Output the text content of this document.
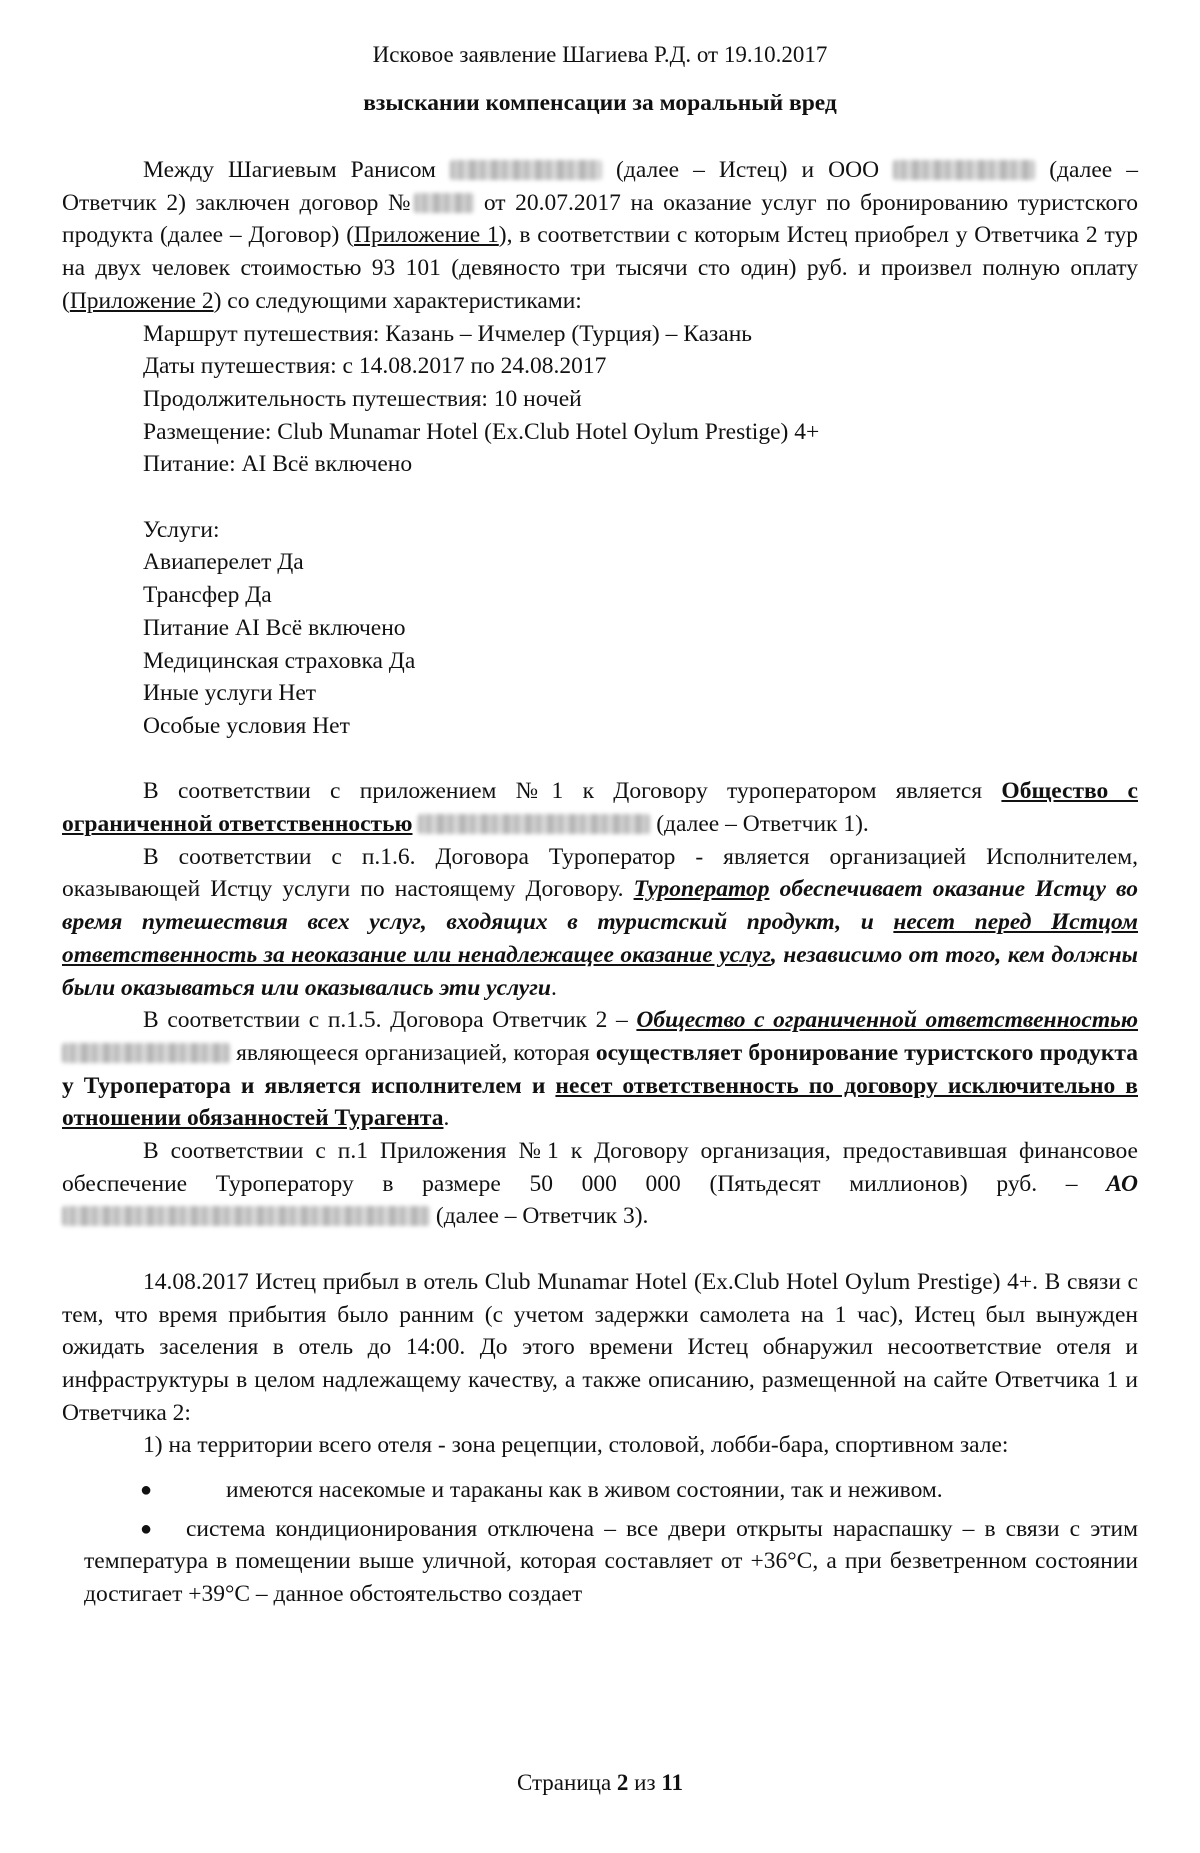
Исковое заявление Шагиева Р.Д. от 19.10.2017
взыскании компенсации за моральный вред

Между Шагиевым Ранисом	(далее – Истец) и ООО	(далее – Ответчик 2) заключен договор №	от 20.07.2017 на оказание услуг по бронированию туристского продукта (далее – Договор) (Приложение 1), в соответствии с которым Истец приобрел у Ответчика 2 тур на двух человек стоимостью 93 101 (девяносто три тысячи сто один) руб. и произвел полную оплату (Приложение 2) со следующими характеристиками:

Маршрут путешествия: Казань – Ичмелер (Турция) – Казань

Даты путешествия: с 14.08.2017 по 24.08.2017

Продолжительность путешествия: 10 ночей

Размещение: Club Munamar Hotel (Ex.Club Hotel Oylum Prestige) 4+

Питание: AI Всё включено

Услуги:

Авиаперелет Да

Трансфер Да

Питание AI Всё включено

Медицинская страховка Да

Иные услуги Нет

Особые условия Нет

В соответствии с приложением №1 к Договору туроператором является Общество с ограниченной ответственностью	(далее – Ответчик 1).

В соответствии с п.1.6. Договора Туроператор - является организацией Исполнителем, оказывающей Истцу услуги по настоящему Договору. Туроператор обеспечивает оказание Истцу во время путешествия всех услуг, входящих в туристский продукт, и несет перед Истцом ответственность за неоказание или ненадлежащее оказание услуг, независимо от того, кем должны были оказываться или оказывались эти услуги.

В соответствии с п.1.5. Договора Ответчик 2 – Общество с ограниченной ответственностью  являющееся организацией, которая осуществляет бронирование туристского продукта у Туроператора и является исполнителем и несет ответственность по договору исключительно в отношении обязанностей Турагента.

В соответствии с п.1 Приложения №1 к Договору организация, предоставившая финансовое обеспечение Туроператору в размере 50 000 000 (Пятьдесят миллионов) руб. – АО  (далее – Ответчик 3).

14.08.2017 Истец прибыл в отель Club Munamar Hotel (Ex.Club Hotel Oylum Prestige) 4+. В связи с тем, что время прибытия было ранним (с учетом задержки самолета на 1 час), Истец был вынужден ожидать заселения в отель до 14:00. До этого времени Истец обнаружил несоответствие отеля и инфраструктуры в целом надлежащему качеству, а также описанию, размещенной на сайте Ответчика 1 и Ответчика 2:

1) на территории всего отеля - зона рецепции, столовой, лобби-бара, спортивном зале:

●	имеются насекомые и тараканы как в живом состоянии, так и неживом.

● система кондиционирования отключена – все двери открыты нараспашку – в связи с этим температура в помещении выше уличной, которая составляет от +36°С, а при безветренном состоянии достигает +39°С – данное обстоятельство создает

Страница 2 из 11
